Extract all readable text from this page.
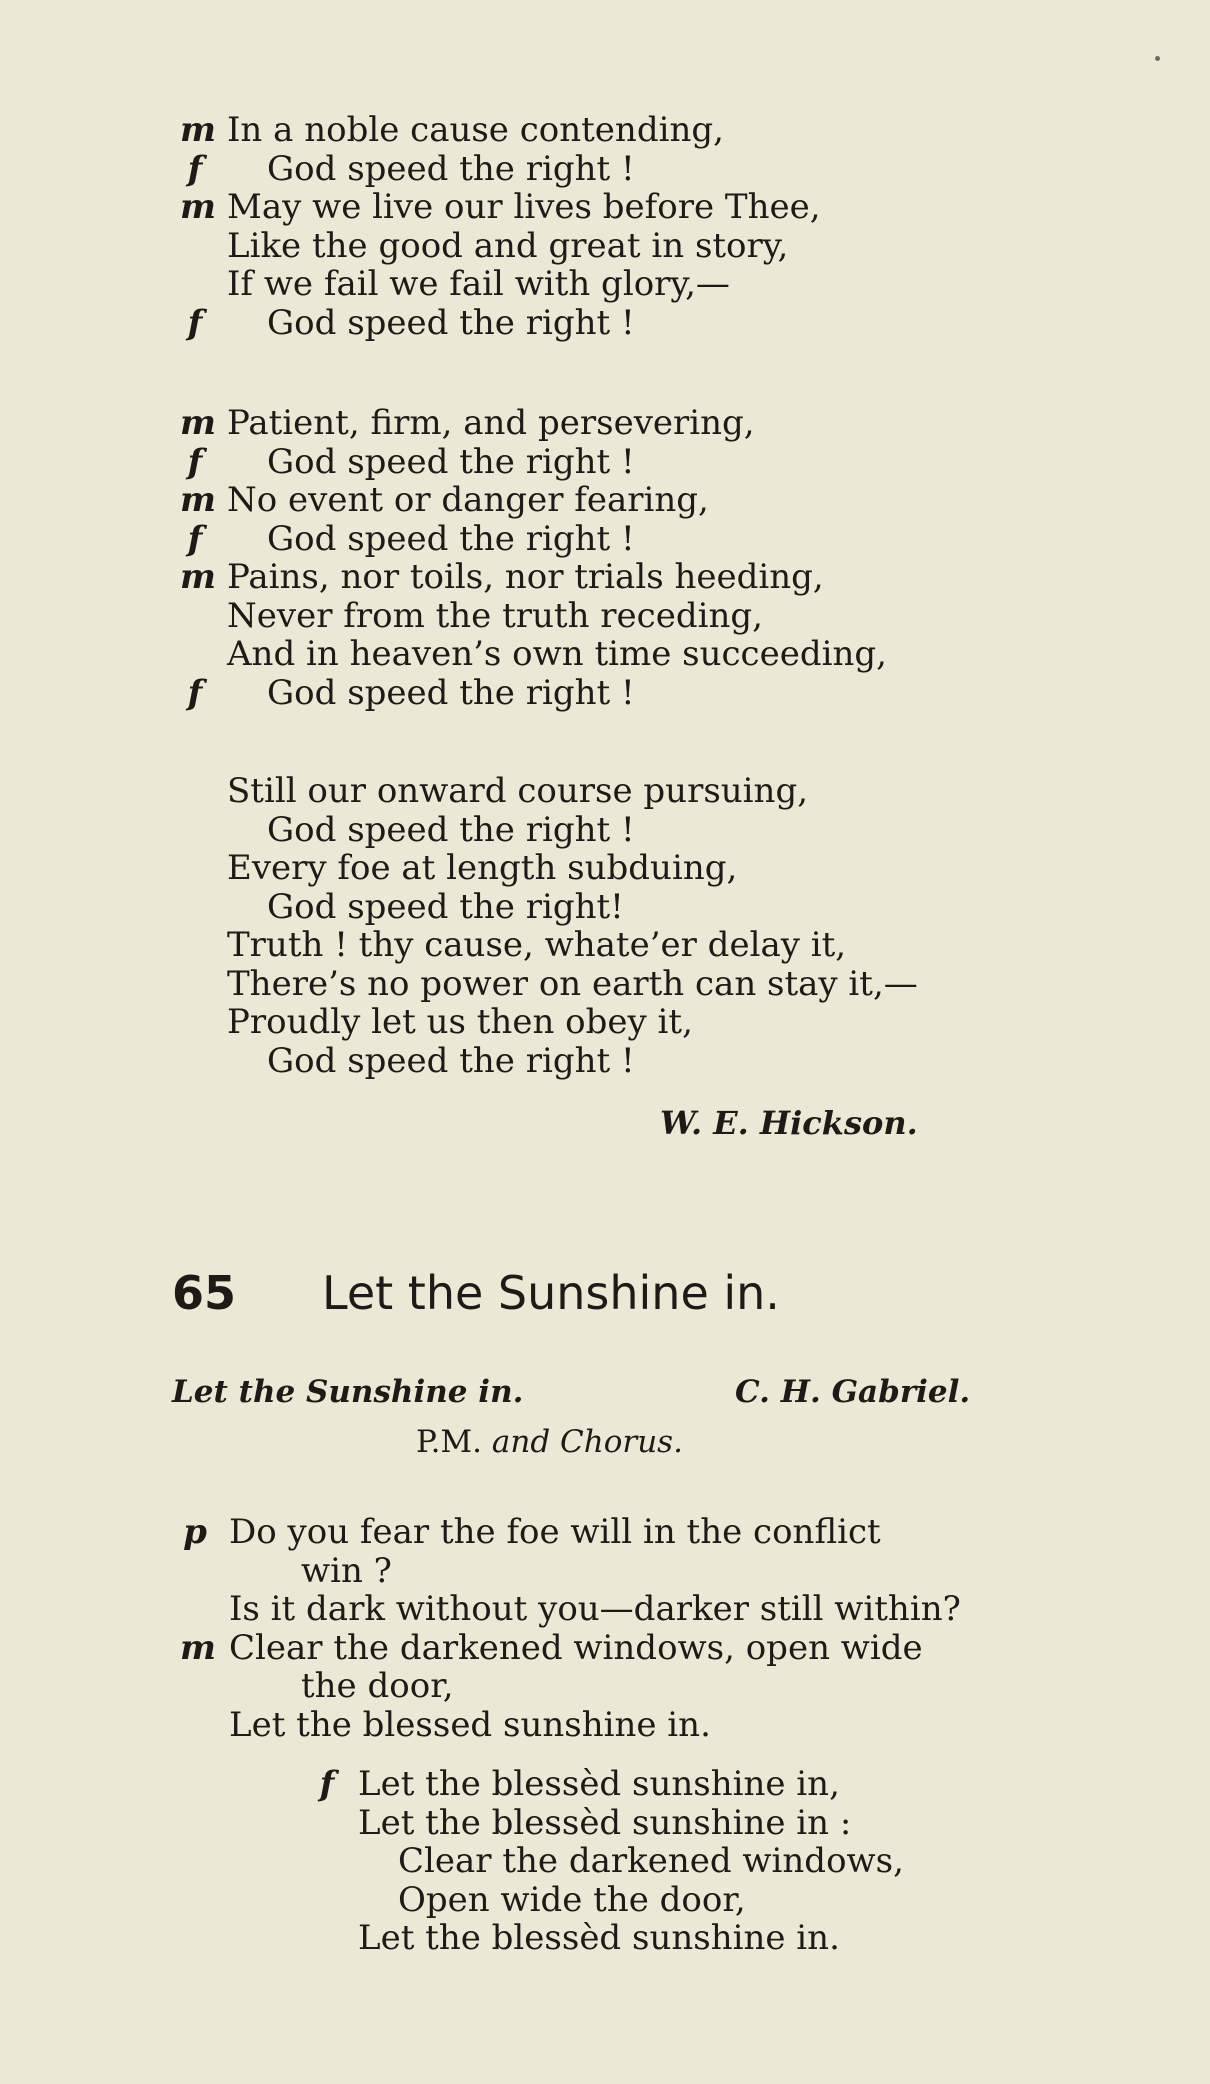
m In a noble cause contending,
f God speed the right !
m May we live our lives before Thee,
Like the good and great in story,
If we fail we fail with glory,—
f God speed the right !
m Patient, firm, and persevering,
f God speed the right !
m No event or danger fearing,
f God speed the right !
m Pains, nor toils, nor trials heeding,
Never from the truth receding,
And in heaven’s own time succeeding,
f God speed the right !
Still our onward course pursuing,
God speed the right !
Every foe at length subduing,
God speed the right!
Truth ! thy cause, whate’er delay it,
There’s no power on earth can stay it,—
Proudly let us then obey it,
God speed the right !
W. E. Hickson.
65 Let the Sunshine in.
Let the Sunshine in.	C. H. Gabriel.
P.M. and Chorus.
p Do you fear the foe will in the conflict
win ?
Is it dark without you—darker still within?
m Clear the darkened windows, open wide
the door,
Let the blessed sunshine in.
f Let the blessèd sunshine in,
Let the blessèd sunshine in :
Clear the darkened windows,
Open wide the door,
Let the blessèd sunshine in.
